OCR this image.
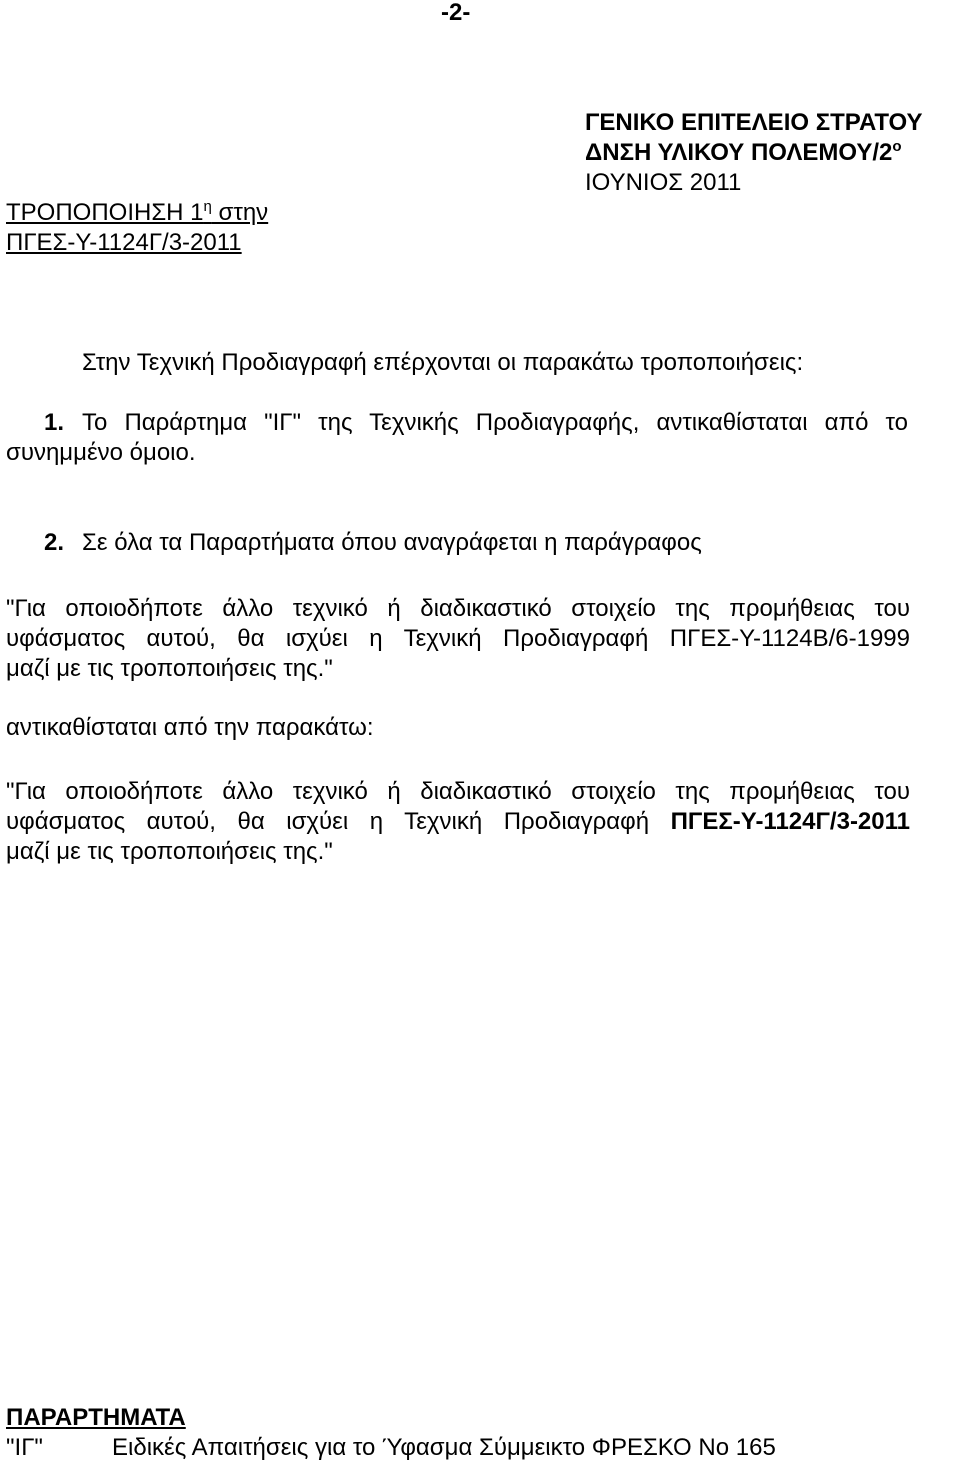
-2-
ΓΕΝΙΚΟ ΕΠΙΤΕΛΕΙΟ ΣΤΡΑΤΟΥ
ΔΝΣΗ ΥΛΙΚΟΥ ΠΟΛΕΜΟΥ/$2^o$
ΙΟΥΝΙΟΣ 2011
ΤΡΟΠΟΠΟΙΗΣΗ $1^\eta$ στην
ΠΓΕΣ-Υ-1124Γ/3-2011
Στην Τεχνική Προδιαγραφή επέρχονται οι παρακάτω τροποποιήσεις:
1. Το Παράρτημα "ΙΓ" της Τεχνικής Προδιαγραφής, αντικαθίσταται από το
συνημμένο όμοιο.
2. Σε όλα τα Παραρτήματα όπου αναγράφεται η παράγραφος
"Για οποιοδήποτε άλλο τεχνικό ή διαδικαστικό στοιχείο της προμήθειας του
υφάσματος αυτού, θα ισχύει η Τεχνική Προδιαγραφή ΠΓΕΣ-Υ-1124Β/6-1999
μαζί με τις τροποποιήσεις της."
αντικαθίσταται από την παρακάτω:
"Για οποιοδήποτε άλλο τεχνικό ή διαδικαστικό στοιχείο της προμήθειας του
υφάσματος αυτού, θα ισχύει η Τεχνική Προδιαγραφή ΠΓΕΣ-Υ-1124Γ/3-2011
μαζί με τις τροποποιήσεις της."
ΠΑΡΑΡΤΗΜΑΤΑ
"ΙΓ"	Ειδικές Απαιτήσεις για το Ύφασμα Σύμμεικτο ΦΡΕΣΚΟ Νο 165
